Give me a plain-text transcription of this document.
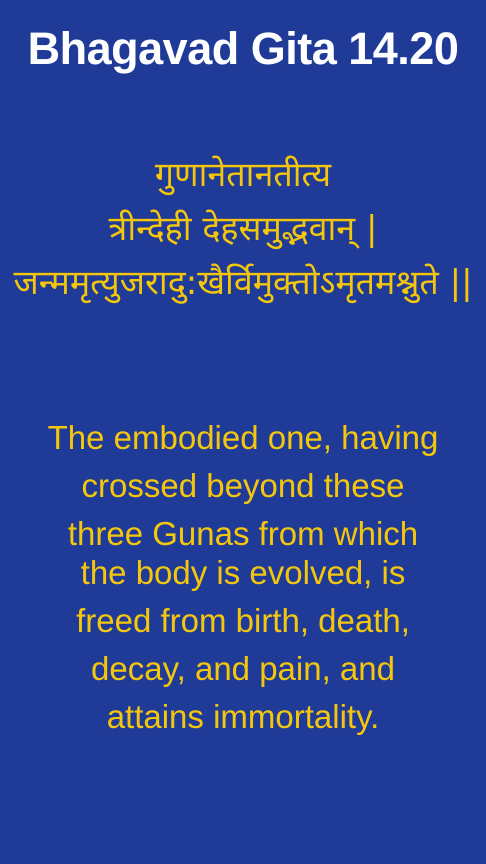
Bhagavad Gita 14.20
गुणानेतानतीत्य
त्रीन्देही देहसमुद्भवान् |
जन्ममृत्युजरादु:खैर्विमुक्तोऽमृतमश्नुते ||
The embodied one, having
crossed beyond these
three Gunas from which
the body is evolved, is
freed from birth, death,
decay, and pain, and
attains immortality.
